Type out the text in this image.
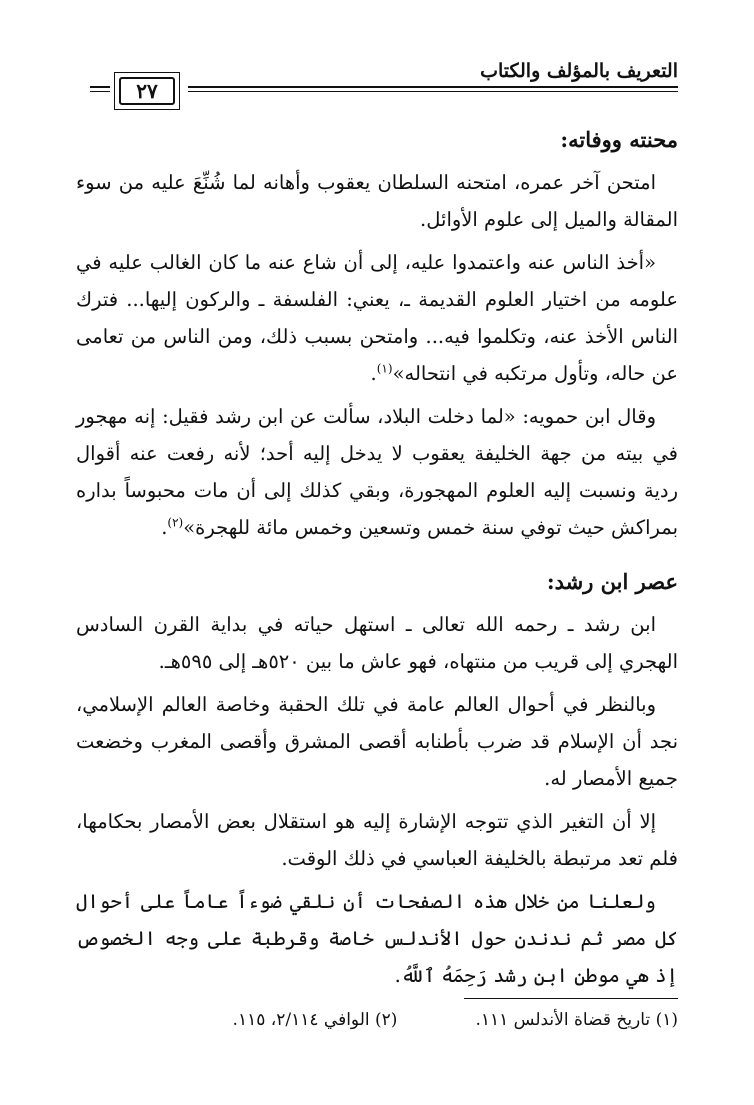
التعريف بالمؤلف والكتاب
٢٧
محنته ووفاته:

امتحن آخر عمره، امتحنه السلطان يعقوب وأهانه لما شُنِّعَ عليه من سوء المقالة والميل إلى علوم الأوائل.

«أخذ الناس عنه واعتمدوا عليه، إلى أن شاع عنه ما كان الغالب عليه في علومه من اختيار العلوم القديمة ـ، يعني: الفلسفة ـ والركون إليها... فترك الناس الأخذ عنه، وتكلموا فيه... وامتحن بسبب ذلك، ومن الناس من تعامى عن حاله، وتأول مرتكبه في انتحاله»$^{(١)}$.

وقال ابن حمويه: «لما دخلت البلاد، سألت عن ابن رشد فقيل: إنه مهجور في بيته من جهة الخليفة يعقوب لا يدخل إليه أحد؛ لأنه رفعت عنه أقوال ردية ونسبت إليه العلوم المهجورة، وبقي كذلك إلى أن مات محبوساً بداره بمراكش حيث توفي سنة خمس وتسعين وخمس مائة للهجرة»$^{(٢)}$.

عصر ابن رشد:

ابن رشد ـ رحمه الله تعالى ـ استهل حياته في بداية القرن السادس الهجري إلى قريب من منتهاه، فهو عاش ما بين ٥٢٠هـ إلى ٥٩٥هـ.

وبالنظر في أحوال العالم عامة في تلك الحقبة وخاصة العالم الإسلامي، نجد أن الإسلام قد ضرب بأطنابه أقصى المشرق وأقصى المغرب وخضعت جميع الأمصار له.

إلا أن التغير الذي تتوجه الإشارة إليه هو استقلال بعض الأمصار بحكامها، فلم تعد مرتبطة بالخليفة العباسي في ذلك الوقت.

ولعلنا من خلال هذه الصفحات أن نلقي ضوءاً عاماً على أحوال كل مصر ثم ندندن حول الأندلس خاصة وقرطبة على وجه الخصوص إذ هي موطن ابن رشد رَحِمَهُ ٱللَّهُ.

(١) تاريخ قضاة الأندلس ١١١.
(٢) الوافي ٢/١١٤، ١١٥.
